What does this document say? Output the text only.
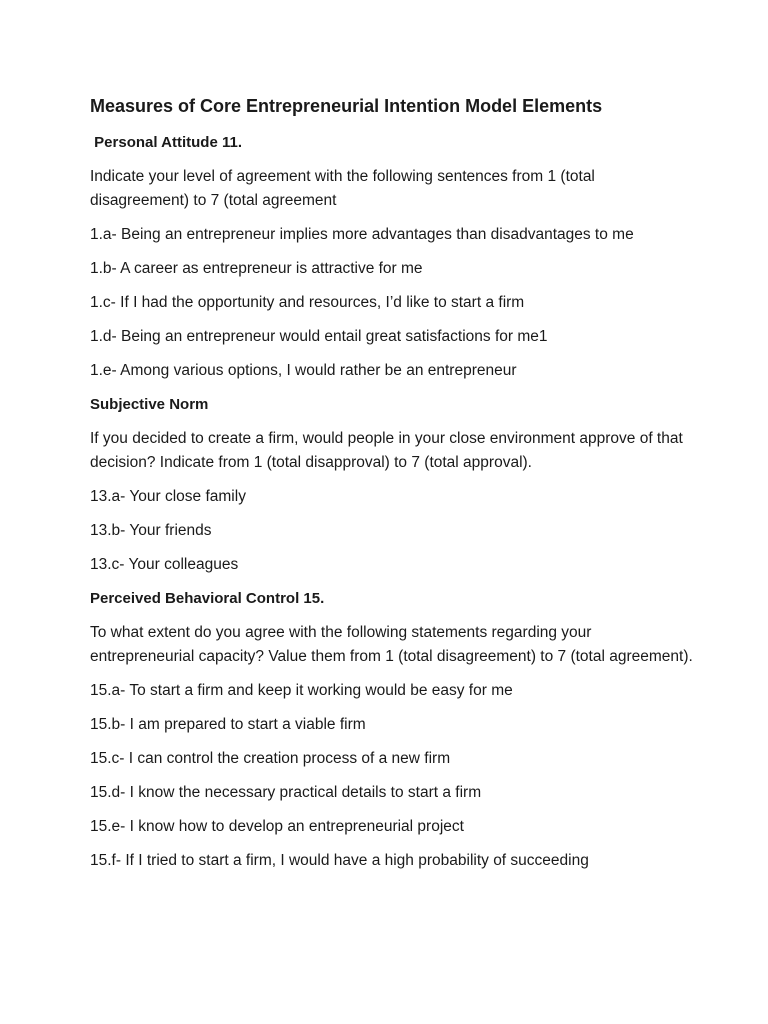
Measures of Core Entrepreneurial Intention Model Elements
Personal Attitude 11.
Indicate your level of agreement with the following sentences from 1 (total disagreement) to 7 (total agreement
1.a- Being an entrepreneur implies more advantages than disadvantages to me
1.b- A career as entrepreneur is attractive for me
1.c- If I had the opportunity and resources, I’d like to start a firm
1.d- Being an entrepreneur would entail great satisfactions for me1
1.e- Among various options, I would rather be an entrepreneur
Subjective Norm
If you decided to create a firm, would people in your close environment approve of that decision? Indicate from 1 (total disapproval) to 7 (total approval).
13.a- Your close family
13.b- Your friends
13.c- Your colleagues
Perceived Behavioral Control 15.
To what extent do you agree with the following statements regarding your entrepreneurial capacity? Value them from 1 (total disagreement) to 7 (total agreement).
15.a- To start a firm and keep it working would be easy for me
15.b- I am prepared to start a viable firm
15.c- I can control the creation process of a new firm
15.d- I know the necessary practical details to start a firm
15.e- I know how to develop an entrepreneurial project
15.f- If I tried to start a firm, I would have a high probability of succeeding
